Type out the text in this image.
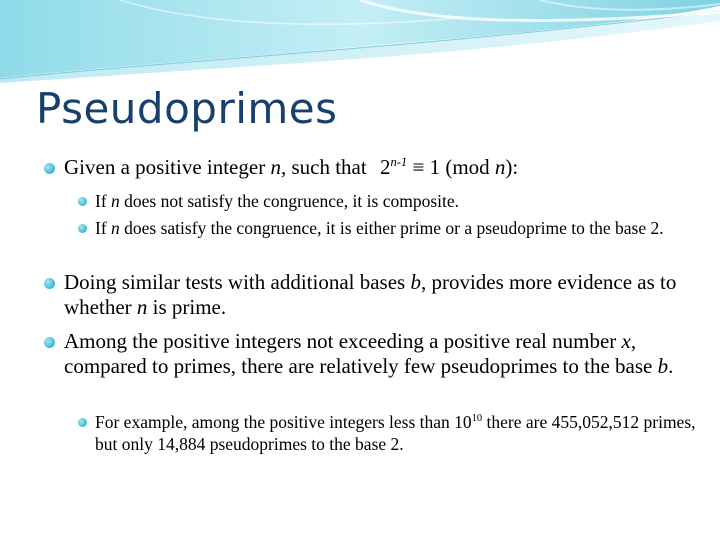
Pseudoprimes
Given a positive integer n, such that $2^{n-1} \equiv 1$ (mod n):
If n does not satisfy the congruence, it is composite.
If n does satisfy the congruence, it is either prime or a pseudoprime to the base 2.
Doing similar tests with additional bases b, provides more evidence as to whether n is prime.
Among the positive integers not exceeding a positive real number x, compared to primes, there are relatively few pseudoprimes to the base b.
For example, among the positive integers less than $10^{10}$ there are 455,052,512 primes, but only 14,884 pseudoprimes to the base 2.
